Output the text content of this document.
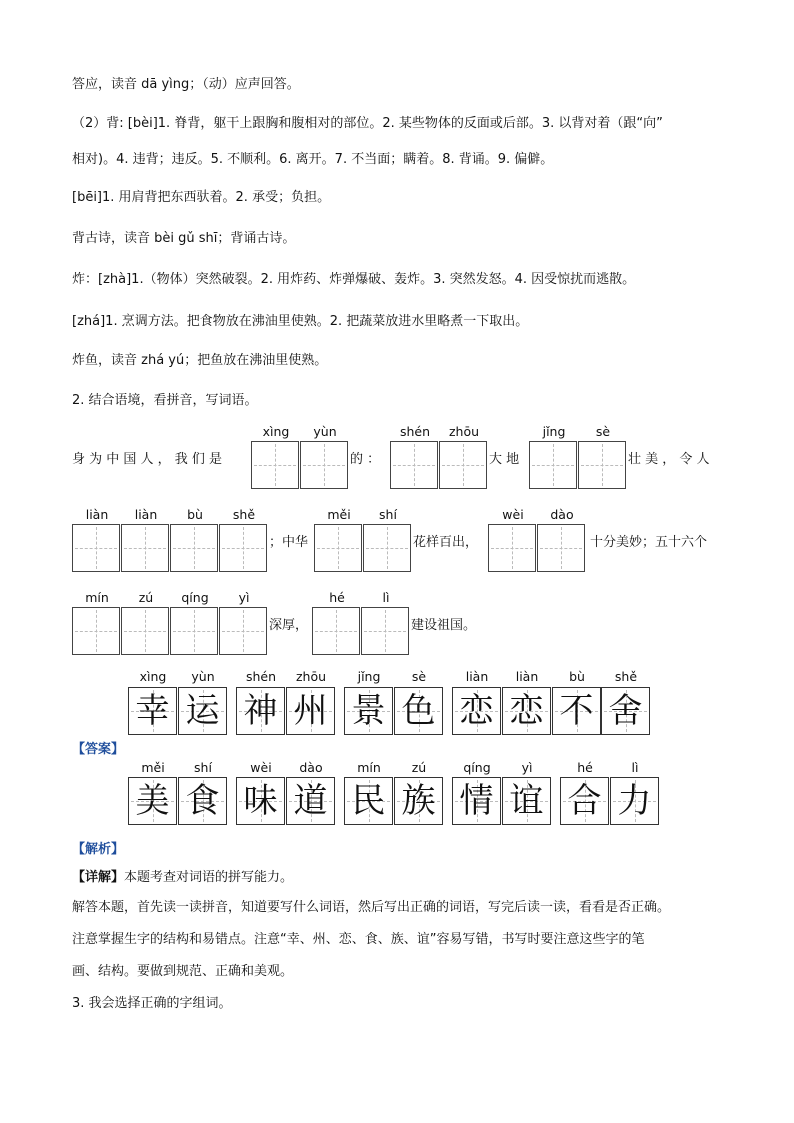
答应，读音 dā yìng；（动）应声回答。
（2）背: [bèi]1. 脊背，躯干上跟胸和腹相对的部位。2. 某些物体的反面或后部。3. 以背对着（跟“向”
相对)。4. 违背；违反。5. 不顺利。6. 离开。7. 不当面；瞒着。8. 背诵。9. 偏僻。
[bēi]1. 用肩背把东西驮着。2. 承受；负担。
背古诗，读音 bèi gǔ shī；背诵古诗。
炸：[zhà]1.（物体）突然破裂。2. 用炸药、炸弹爆破、轰炸。3. 突然发怒。4. 因受惊扰而逃散。
[zhá]1. 烹调方法。把食物放在沸油里使熟。2. 把蔬菜放进水里略煮一下取出。
炸鱼，读音 zhá yú；把鱼放在沸油里使熟。
2. 结合语境，看拼音，写词语。
xìng	yùn	shén	zhōu	jǐng	sè
身 为 中 国 人 ， 我 们 是	的 ：	大 地	壮 美 ， 令 人
liàn	liàn	bù	shě	měi	shí	wèi	dào
；中华	花样百出，	十分美妙；五十六个
mín	zú	qíng	yì	hé	lì
深厚，	建设祖国。
xìng	yùn	shén	zhōu	jǐng	sè	liàn	liàn	bù	shě
幸 运 神 州 景 色 恋 恋 不 舍
【答案】
měi	shí	wèi	dào	mín	zú	qíng	yì	hé	lì
美 食 味 道 民 族 情 谊 合 力
【解析】
【详解】本题考查对词语的拼写能力。
解答本题，首先读一读拼音，知道要写什么词语，然后写出正确的词语，写完后读一读，看看是否正确。
注意掌握生字的结构和易错点。注意“幸、州、恋、食、族、谊”容易写错，书写时要注意这些字的笔
画、结构。要做到规范、正确和美观。
3. 我会选择正确的字组词。
